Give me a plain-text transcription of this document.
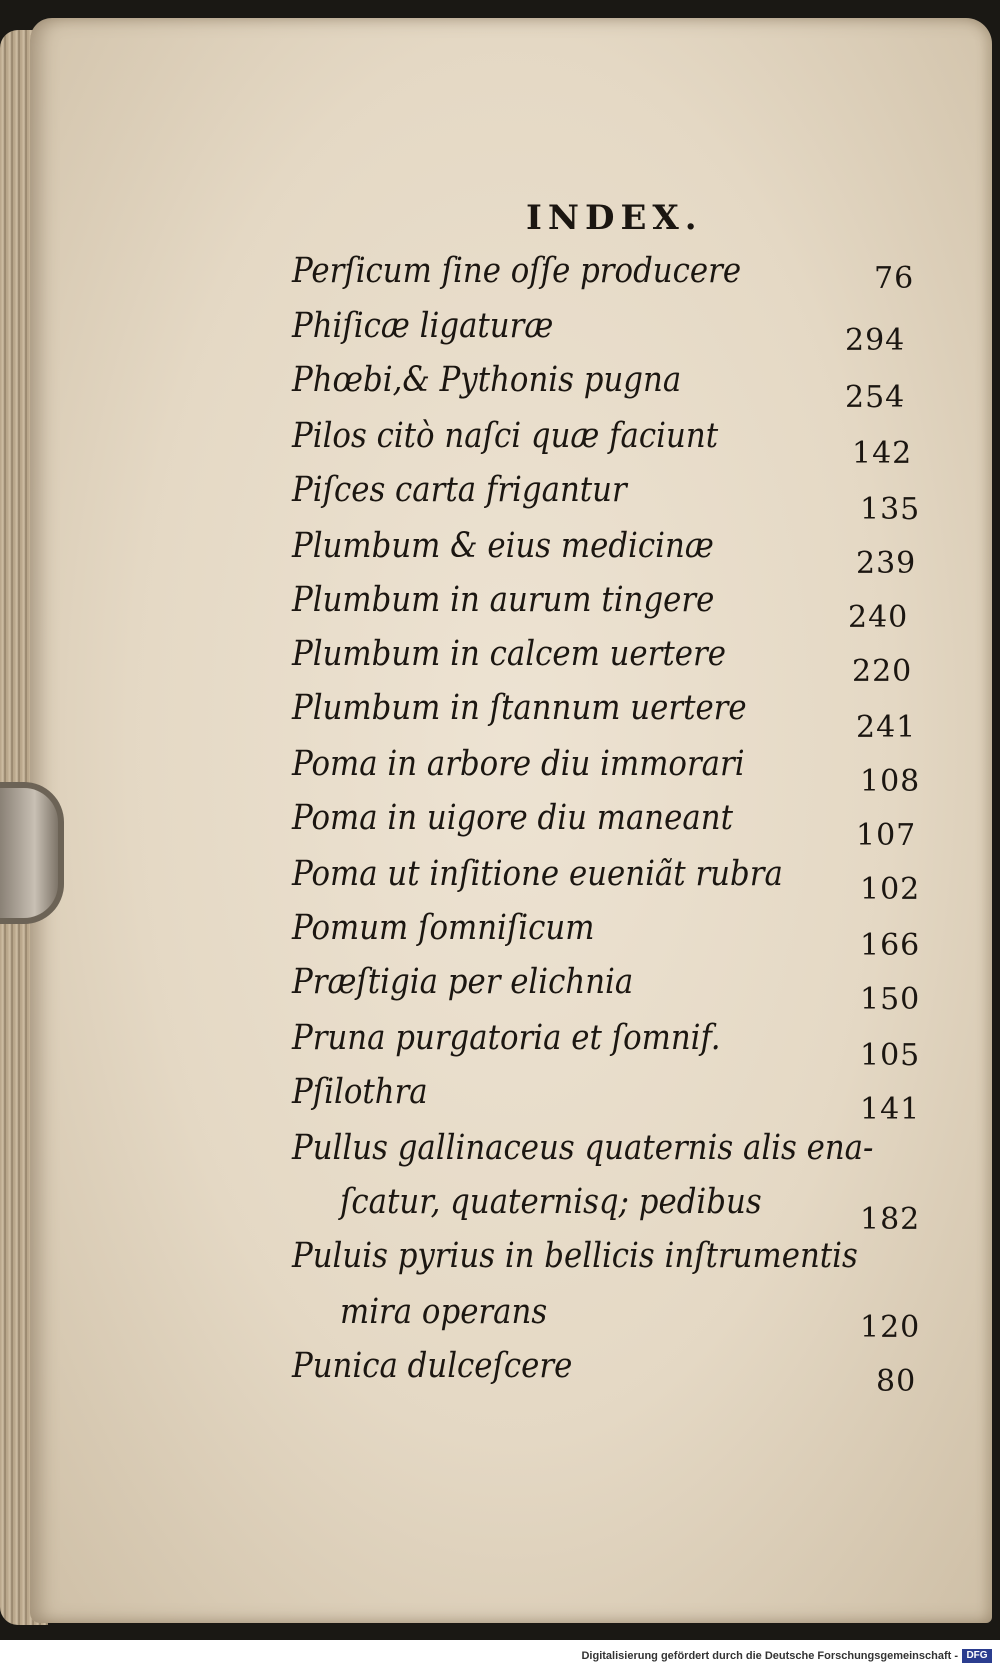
INDEX.
Perſicum ſine oſſe producere	76
Phiſicæ ligaturæ	294
Phœbi,& Pythonis pugna	254
Pilos citò naſci quæ faciunt	142
Piſces carta frigantur	135
Plumbum & eius medicinæ	239
Plumbum in aurum tingere	240
Plumbum in calcem uertere	220
Plumbum in ſtannum uertere	241
Poma in arbore diu immorari	108
Poma in uigore diu maneant	107
Poma ut inſitione eueniãt rubra	102
Pomum ſomniſicum	166
Præſtigia per elichnia	150
Pruna purgatoria et ſomnif.	105
Pſilothra	141
Pullus gallinaceus quaternis alis ena-
ſcatur, quaternisq; pedibus	182
Puluis pyrius in bellicis inſtrumentis
mira operans	120
Punica dulceſcere	80
Digitalisierung gefördert durch die Deutsche Forschungsgemeinschaft - DFG
